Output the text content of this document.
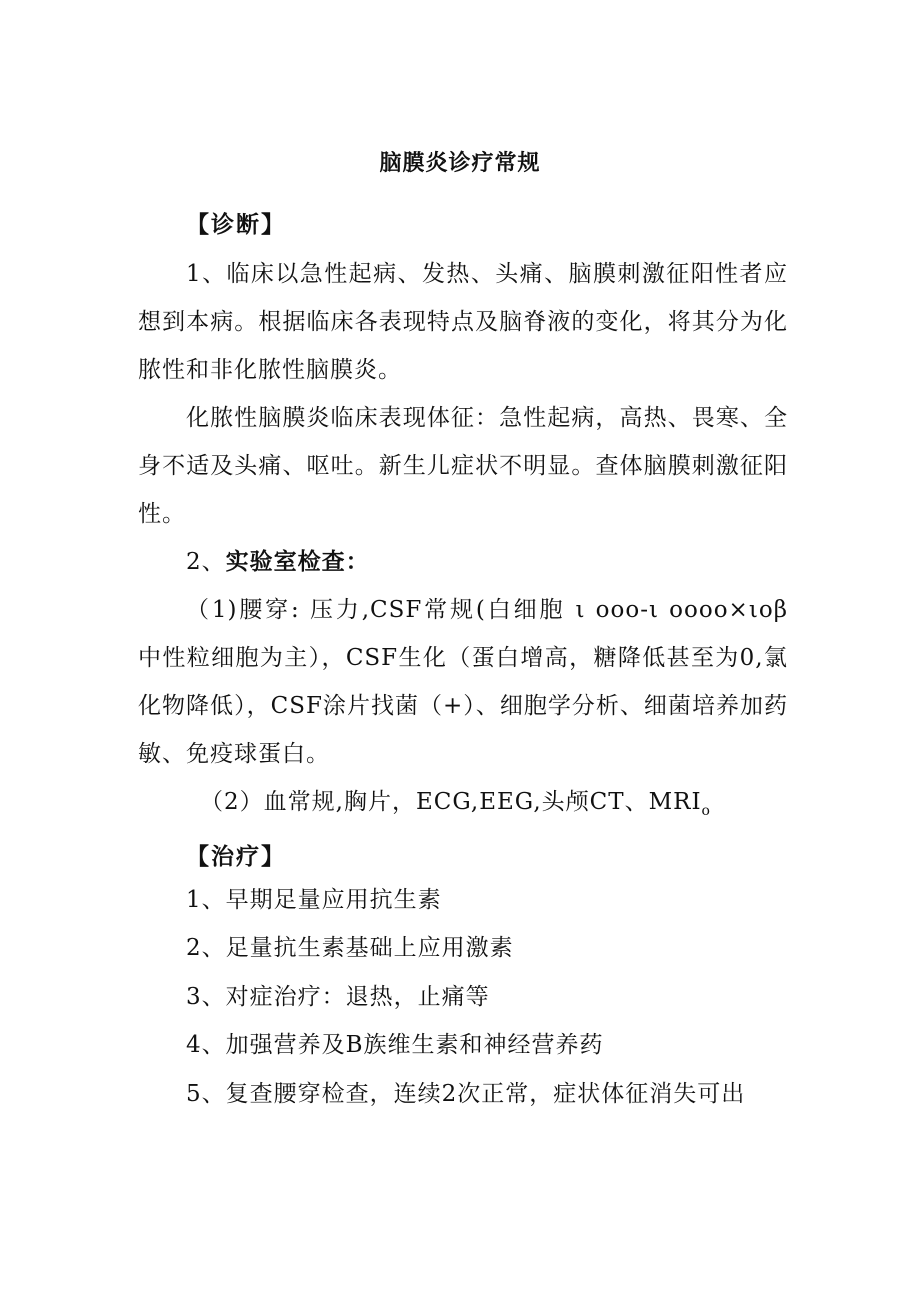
脑膜炎诊疗常规
【诊断】
1、临床以急性起病、发热、头痛、脑膜刺激征阳性者应想到本病。根据临床各表现特点及脑脊液的变化，将其分为化脓性和非化脓性脑膜炎。
化脓性脑膜炎临床表现体征：急性起病，高热、畏寒、全身不适及头痛、呕吐。新生儿症状不明显。查体脑膜刺激征阳性。
2、实验室检查：
（1)腰穿: 压力,CSF常规(白细胞 ι ooo-ι oooo×ιoβ 中性粒细胞为主），CSF生化（蛋白增高，糖降低甚至为0,氯化物降低），CSF涂片找菌（+）、细胞学分析、细菌培养加药敏、免疫球蛋白。
（2）血常规,胸片，ECG,EEG,头颅CT、$MRI_o$
【治疗】
1、早期足量应用抗生素
2、足量抗生素基础上应用激素
3、对症治疗：退热，止痛等
4、加强营养及B族维生素和神经营养药
5、复查腰穿检查，连续2次正常，症状体征消失可出
